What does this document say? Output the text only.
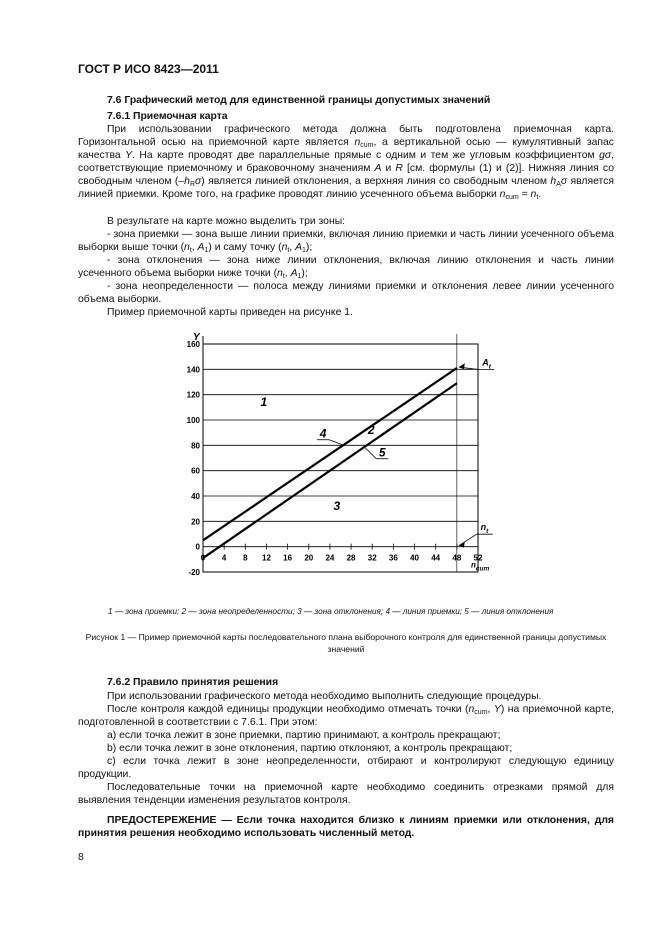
ГОСТ Р ИСО 8423—2011

7.6 Графический метод для единственной границы допустимых значений

7.6.1 Приемочная карта

При использовании графического метода должна быть подготовлена приемочная карта. Горизонтальной осью на приемочной карте является $n_{cum}$, а вертикальной осью — кумулятивный запас качества Y. На карте проводят две параллельные прямые с одним и тем же угловым коэффициентом gσ, соответствующие приемочному и браковочному значениям A и R [см. формулы (1) и (2)]. Нижняя линия со свободным членом $(-h_R\sigma)$ является линией отклонения, а верхняя линия со свободным членом $h_A\sigma$ является линией приемки. Кроме того, на графике проводят линию усеченного объема выборки $n_{cum} = n_t$.

В результате на карте можно выделить три зоны:

- зона приемки — зона выше линии приемки, включая линию приемки и часть линии усеченного объема выборки выше точки ($n_t$, $A_1$) и саму точку ($n_t$, $A_1$);

- зона отклонения — зона ниже линии отклонения, включая линию отклонения и часть линии усеченного объема выборки ниже точки ($n_t$, $A_1$);

- зона неопределенности — полоса между линиями приемки и отклонения левее линии усеченного объема выборки.

Пример приемочной карты приведен на рисунке 1.

-20
0
20
40
60
80
100
120
140
160
0 4 8 12 16 20 24 28 32 36 40 44 48 52
Y
$n_{cum}$
1
2
3
4
5
$A_t$
$n_t$
1 — зона приемки; 2 — зона неопределенности; 3 — зона отклонения; 4 — линия приемки; 5 — линия отклонения
Рисунок 1 — Пример приемочной карты последовательного плана выборочного контроля для единственной границы допустимых значений

7.6.2 Правило принятия решения

При использовании графического метода необходимо выполнить следующие процедуры.

После контроля каждой единицы продукции необходимо отмечать точки ($n_{cum}$, Y) на приемочной карте, подготовленной в соответствии с 7.6.1. При этом:

а) если точка лежит в зоне приемки, партию принимают, а контроль прекращают;

b) если точка лежит в зоне отклонения, партию отклоняют, а контроль прекращают;

с) если точка лежит в зоне неопределенности, отбирают и контролируют следующую единицу продукции.

Последовательные точки на приемочной карте необходимо соединить отрезками прямой для выявления тенденции изменения результатов контроля.

ПРЕДОСТЕРЕЖЕНИЕ — Если точка находится близко к линиям приемки или отклонения, для принятия решения необходимо использовать численный метод.

8
